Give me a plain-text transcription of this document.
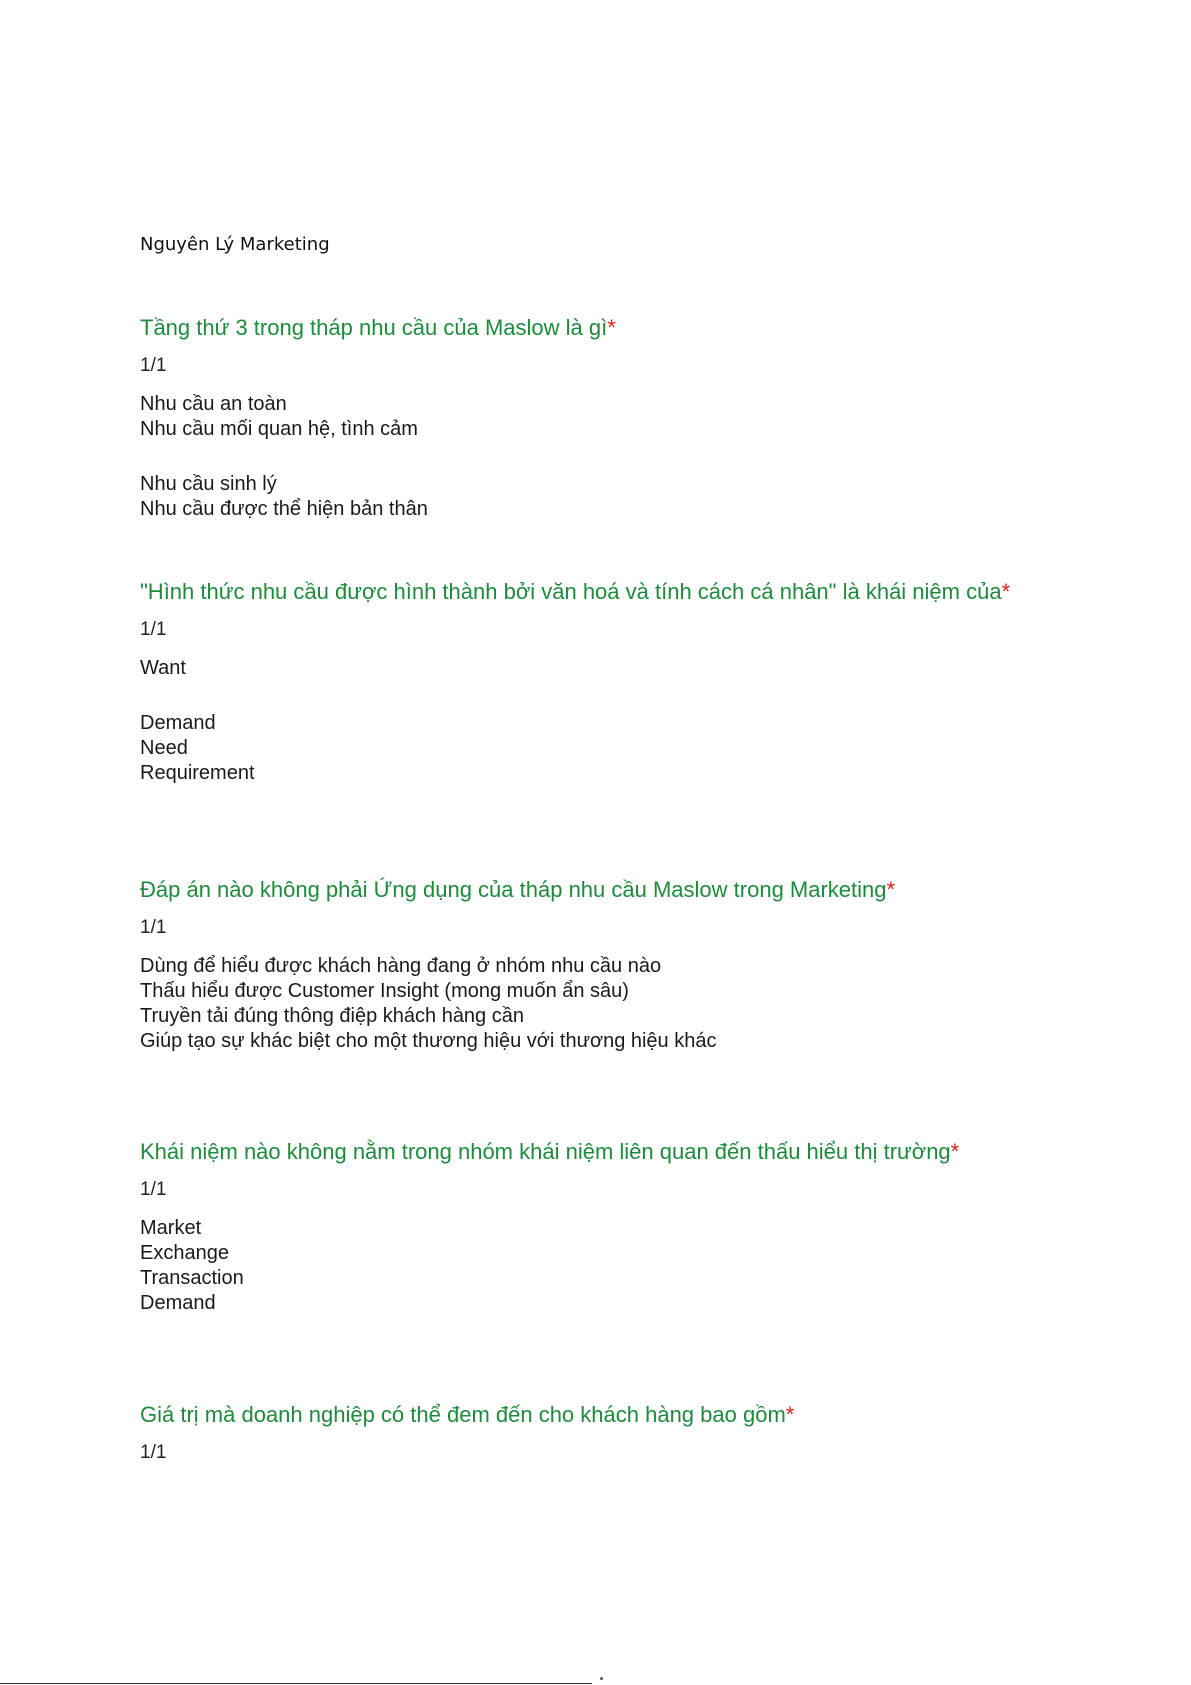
Nguyên Lý Marketing

Tầng thứ 3 trong tháp nhu cầu của Maslow là gì*

1/1
Nhu cầu an toàn
Nhu cầu mối quan hệ, tình cảm
Nhu cầu sinh lý
Nhu cầu được thể hiện bản thân

"Hình thức nhu cầu được hình thành bởi văn hoá và tính cách cá nhân" là khái niệm của*

1/1
Want
Demand
Need
Requirement

Đáp án nào không phải Ứng dụng của tháp nhu cầu Maslow trong Marketing*

1/1
Dùng để hiểu được khách hàng đang ở nhóm nhu cầu nào
Thấu hiểu được Customer Insight (mong muốn ẩn sâu)
Truyền tải đúng thông điệp khách hàng cần
Giúp tạo sự khác biệt cho một thương hiệu với thương hiệu khác

Khái niệm nào không nằm trong nhóm khái niệm liên quan đến thấu hiểu thị trường*

1/1
Market
Exchange
Transaction
Demand

Giá trị mà doanh nghiệp có thể đem đến cho khách hàng bao gồm*

1/1
